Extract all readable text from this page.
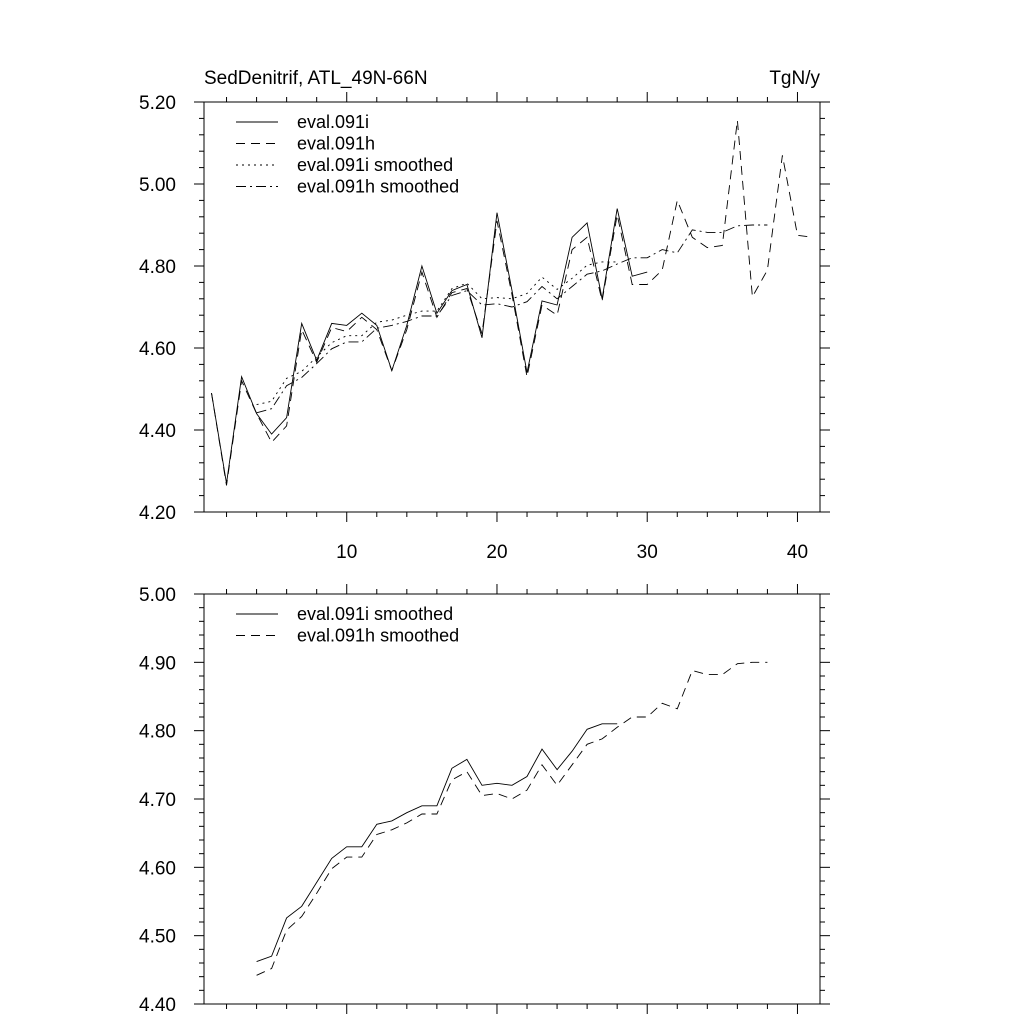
SedDenitrif, ATL_49N-66N	TgN/y
4.20
4.40
4.60
4.80
5.00
5.20
10	20	30	40
eval.091i
eval.091h
eval.091i smoothed
eval.091h smoothed
4.40
4.50
4.60
4.70
4.80
4.90
5.00
eval.091i smoothed
eval.091h smoothed
